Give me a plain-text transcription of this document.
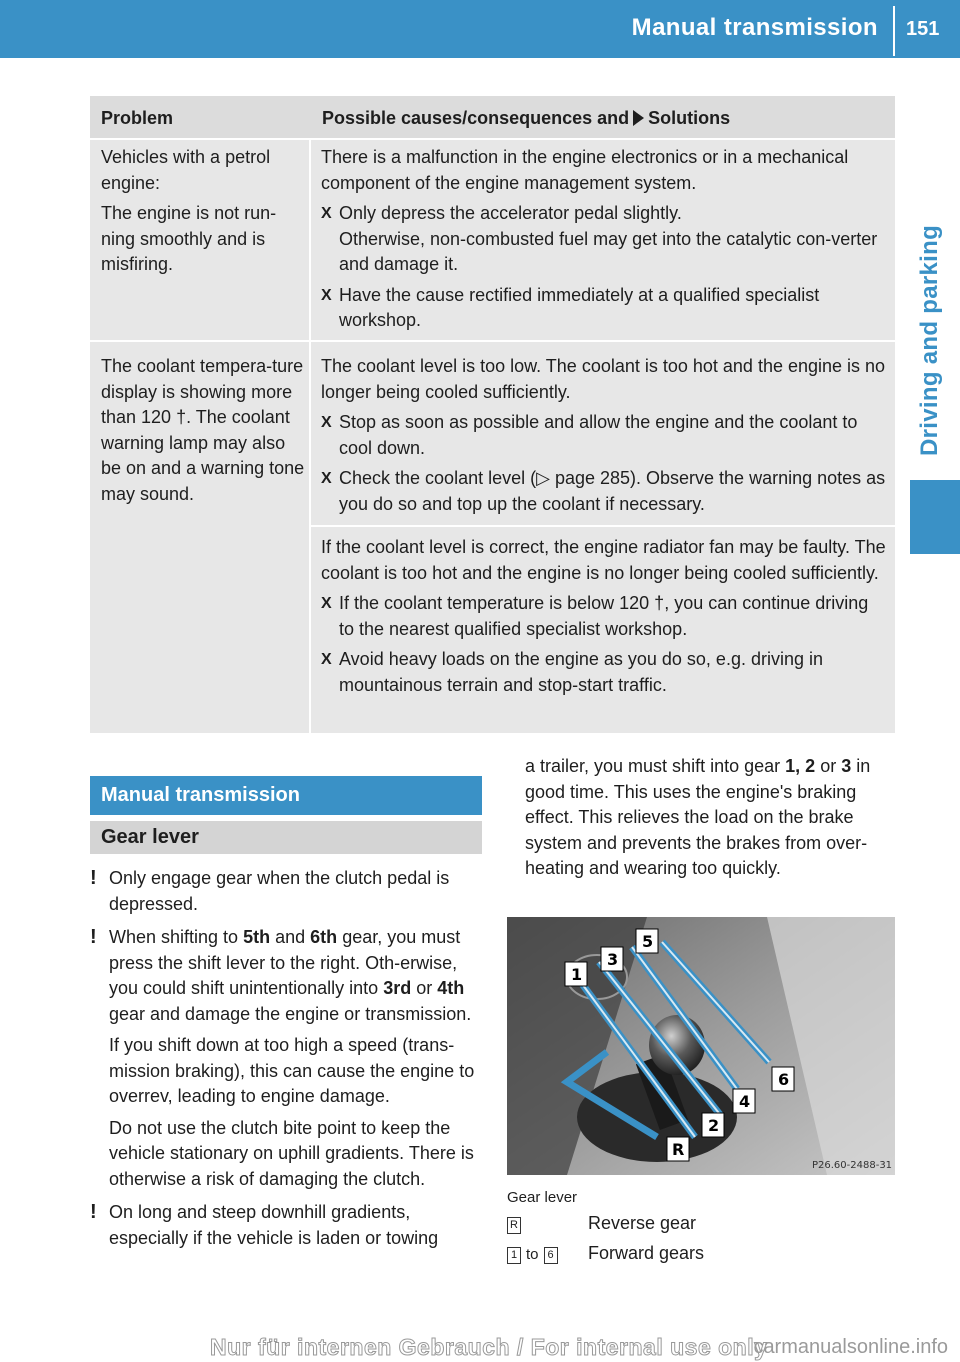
Manual transmission 151
Driving and parking
Problem	Possible causes/consequences and Solutions

Vehicles with a petrol engine:

The engine is not run-ning smoothly and is misfiring.

There is a malfunction in the engine electronics or in a mechanical component of the engine management system.

X Only depress the accelerator pedal slightly.
Otherwise, non-combusted fuel may get into the catalytic con-verter and damage it.

X Have the cause rectified immediately at a qualified specialist workshop.

The coolant tempera-ture display is showing more than 120 †. The coolant warning lamp may also be on and a warning tone may sound.

The coolant level is too low. The coolant is too hot and the engine is no longer being cooled sufficiently.

X Stop as soon as possible and allow the engine and the coolant to cool down.

X Check the coolant level (▷ page 285). Observe the warning notes as you do so and top up the coolant if necessary.

If the coolant level is correct, the engine radiator fan may be faulty. The coolant is too hot and the engine is no longer being cooled sufficiently.

X If the coolant temperature is below 120 †, you can continue driving to the nearest qualified specialist workshop.

X Avoid heavy loads on the engine as you do so, e.g. driving in mountainous terrain and stop-start traffic.

Manual transmission
Gear lever
! Only engage gear when the clutch pedal is depressed.

! When shifting to 5th and 6th gear, you must press the shift lever to the right. Oth-erwise, you could shift unintentionally into 3rd or 4th gear and damage the engine or transmission.

If you shift down at too high a speed (trans-mission braking), this can cause the engine to overrev, leading to engine damage.

Do not use the clutch bite point to keep the vehicle stationary on uphill gradients. There is otherwise a risk of damaging the clutch.

! On long and steep downhill gradients, especially if the vehicle is laden or towing

a trailer, you must shift into gear 1, 2 or 3 in good time. This uses the engine's braking effect. This relieves the load on the brake system and prevents the brakes from over-heating and wearing too quickly.

1
2
3
4
5
6
R
P26.60-2488-31
Gear lever
R	Reverse gear
1 to 6 Forward gears
Nur für internen Gebrauch / For internal use only
carmanualsonline.info
